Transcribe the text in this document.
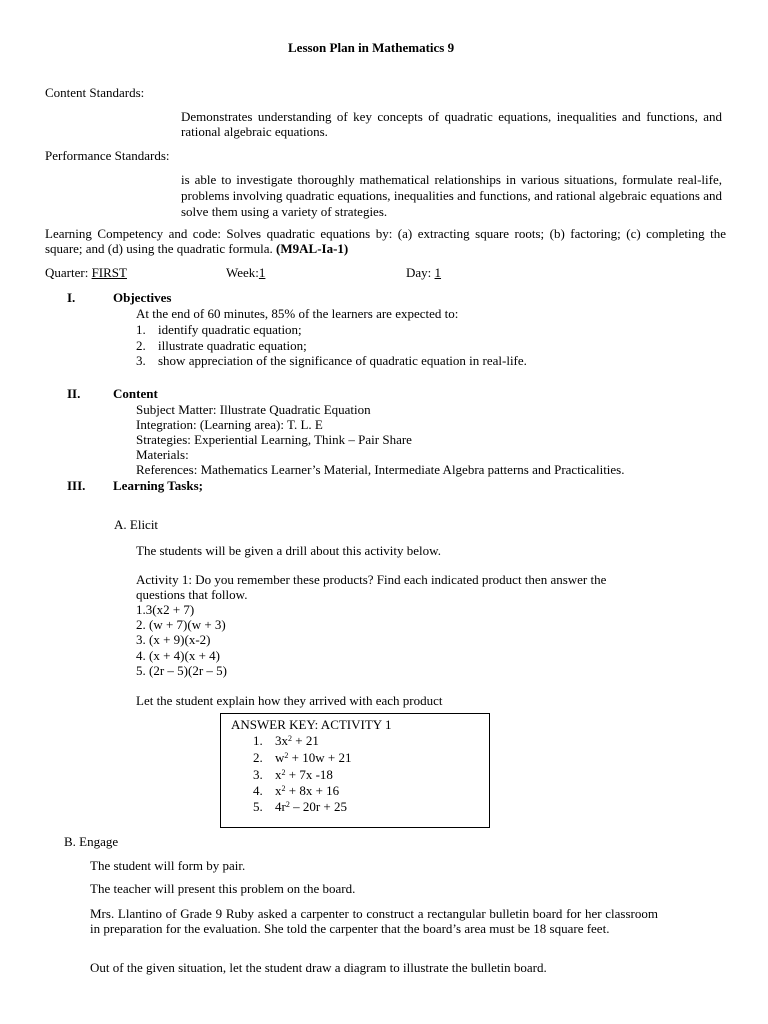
Lesson Plan in Mathematics 9
Content Standards:
Demonstrates understanding of key concepts of quadratic equations, inequalities and functions, and rational algebraic equations.
Performance Standards:
is able to investigate thoroughly mathematical relationships in various situations, formulate real-life, problems involving quadratic equations, inequalities and functions, and rational algebraic equations and solve them using a variety of strategies.
Learning Competency and code: Solves quadratic equations by: (a) extracting square roots; (b) factoring; (c) completing the square; and (d) using the quadratic formula. (M9AL-Ia-1)
Quarter: FIRST	Week:1	Day: 1
I.	Objectives
At the end of 60 minutes, 85% of the learners are expected to:
1. identify quadratic equation;
2. illustrate quadratic equation;
3. show appreciation of the significance of quadratic equation in real-life.
II.	Content
Subject Matter: Illustrate Quadratic Equation
Integration: (Learning area): T. L. E
Strategies: Experiential Learning, Think – Pair Share
Materials:
References: Mathematics Learner’s Material, Intermediate Algebra patterns and Practicalities.
III. Learning Tasks;
A. Elicit
The students will be given a drill about this activity below.
Activity 1: Do you remember these products? Find each indicated product then answer the
questions that follow.
1.3(x2 + 7)
2. (w + 7)(w + 3)
3. (x + 9)(x-2)
4. (x + 4)(x + 4)
5. (2r – 5)(2r – 5)
Let the student explain how they arrived with each product
ANSWER KEY: ACTIVITY 1
1. $3x^2 + 21$
2. $w^2 + 10w + 21$
3. $x^2 + 7x$ -18
4. $x^2 + 8x + 16$
5. $4r^2 - 20r + 25$
B. Engage
The student will form by pair.
The teacher will present this problem on the board.
Mrs. Llantino of Grade 9 Ruby asked a carpenter to construct a rectangular bulletin board for her classroom in preparation for the evaluation. She told the carpenter that the board’s area must be 18 square feet.
Out of the given situation, let the student draw a diagram to illustrate the bulletin board.
